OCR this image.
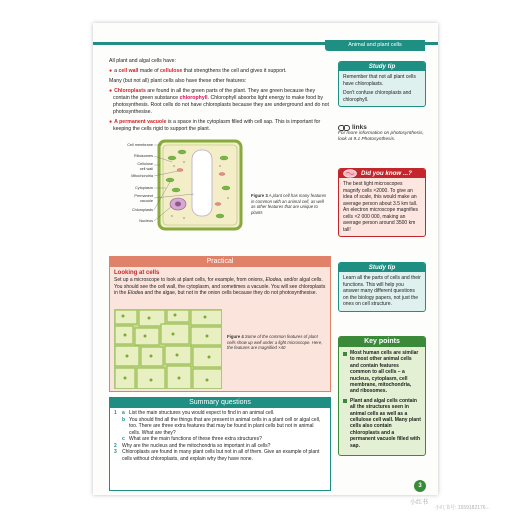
Animal and plant cells
All plant and algal cells have:
● a cell wall made of cellulose that strengthens the cell and gives it support.
Many (but not all) plant cells also have these other features:
● Chloroplasts are found in all the green parts of the plant. They are green because they contain the green substance chlorophyll. Chlorophyll absorbs light energy to make food by photosynthesis. Root cells do not have chloroplasts because they are underground and do not photosynthesise.
● A permanent vacuole is a space in the cytoplasm filled with cell sap. This is important for keeping the cells rigid to support the plant.
Cell membrane
Ribosomes
Cellulose
cell wall
Mitochondria
Cytoplasm
Permanent
vacuole
Chloroplasts
Nucleus
Figure 3 A plant cell has many features in common with an animal cell, as well as other features that are unique to plants
Practical
Looking at cells
Set up a microscope to look at plant cells, for example, from onions, Elodea, and/or algal cells. You should see the cell wall, the cytoplasm, and sometimes a vacuole. You will see chloroplasts in the Elodea and the algae, but not in the onion cells because they do not photosynthesise.
Figure 4 Some of the common features of plant cells show up well under a light microscope. Here, the features are magnified ×40
Summary questions
1	a List the main structures you would expect to find in an animal cell.
b You should find all the things that are present in animal cells in a plant cell or algal cell, too. There are three extra features that may be found in plant cells but not in animal cells. What are they?
c What are the main functions of these three extra structures?
2	Why are the nucleus and the mitochondria so important in all cells?
3	Chloroplasts are found in many plant cells but not in all of them. Give an example of plant cells without chloroplasts, and explain why they have none.
Study tip
Remember that not all plant cells have chloroplasts.
Don't confuse chloroplasts and chlorophyll.
links
For more information on photosynthesis, look at 9.1 Photosynthesis.
Did you know ...?
The best light microscopes magnify cells ×2000. To give an idea of scale, this would make an average person about 3.5 km tall. An electron microscope magnifies cells ×2 000 000, making an average person around 3500 km tall!
Study tip
Learn all the parts of cells and their functions. This will help you answer many different questions on the biology papers, not just the ones on cell structure.
Key points
Most human cells are similar to most other animal cells and contain features common to all cells – a nucleus, cytoplasm, cell membrane, mitochondria, and ribosomes.
Plant and algal cells contain all the structures seen in animal cells as well as a cellulose cell wall. Many plant cells also contain chloroplasts and a permanent vacuole filled with sap.
3
小红书
小红书号: 1559182176...
